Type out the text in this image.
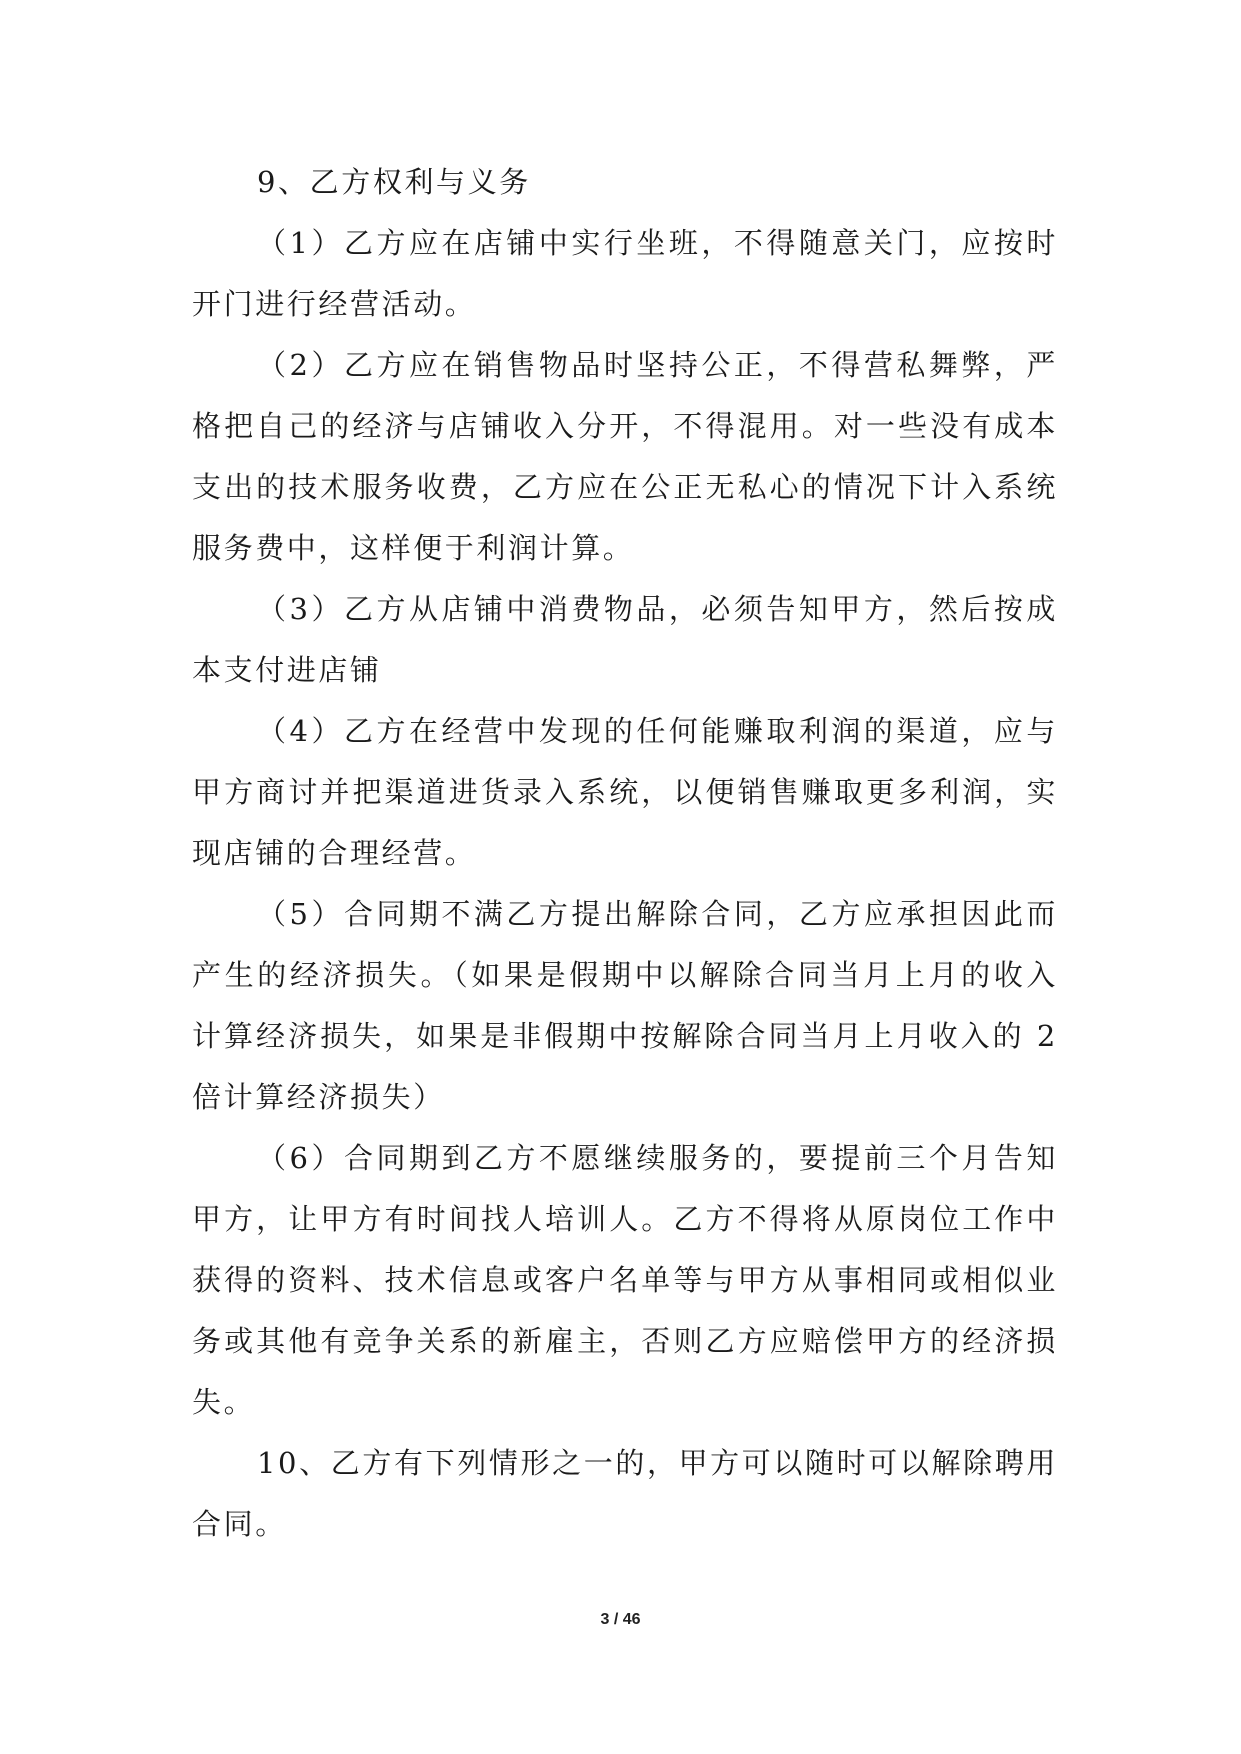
9、乙方权利与义务

（1）乙方应在店铺中实行坐班，不得随意关门，应按时开门进行经营活动。

（2）乙方应在销售物品时坚持公正，不得营私舞弊，严格把自己的经济与店铺收入分开，不得混用。对一些没有成本支出的技术服务收费，乙方应在公正无私心的情况下计入系统服务费中，这样便于利润计算。

（3）乙方从店铺中消费物品，必须告知甲方，然后按成本支付进店铺

（4）乙方在经营中发现的任何能赚取利润的渠道，应与甲方商讨并把渠道进货录入系统，以便销售赚取更多利润，实现店铺的合理经营。

（5）合同期不满乙方提出解除合同，乙方应承担因此而产生的经济损失。（如果是假期中以解除合同当月上月的收入计算经济损失，如果是非假期中按解除合同当月上月收入的 2 倍计算经济损失）

（6）合同期到乙方不愿继续服务的，要提前三个月告知甲方，让甲方有时间找人培训人。乙方不得将从原岗位工作中获得的资料、技术信息或客户名单等与甲方从事相同或相似业务或其他有竞争关系的新雇主，否则乙方应赔偿甲方的经济损失。

10、乙方有下列情形之一的，甲方可以随时可以解除聘用合同。

3 / 46
